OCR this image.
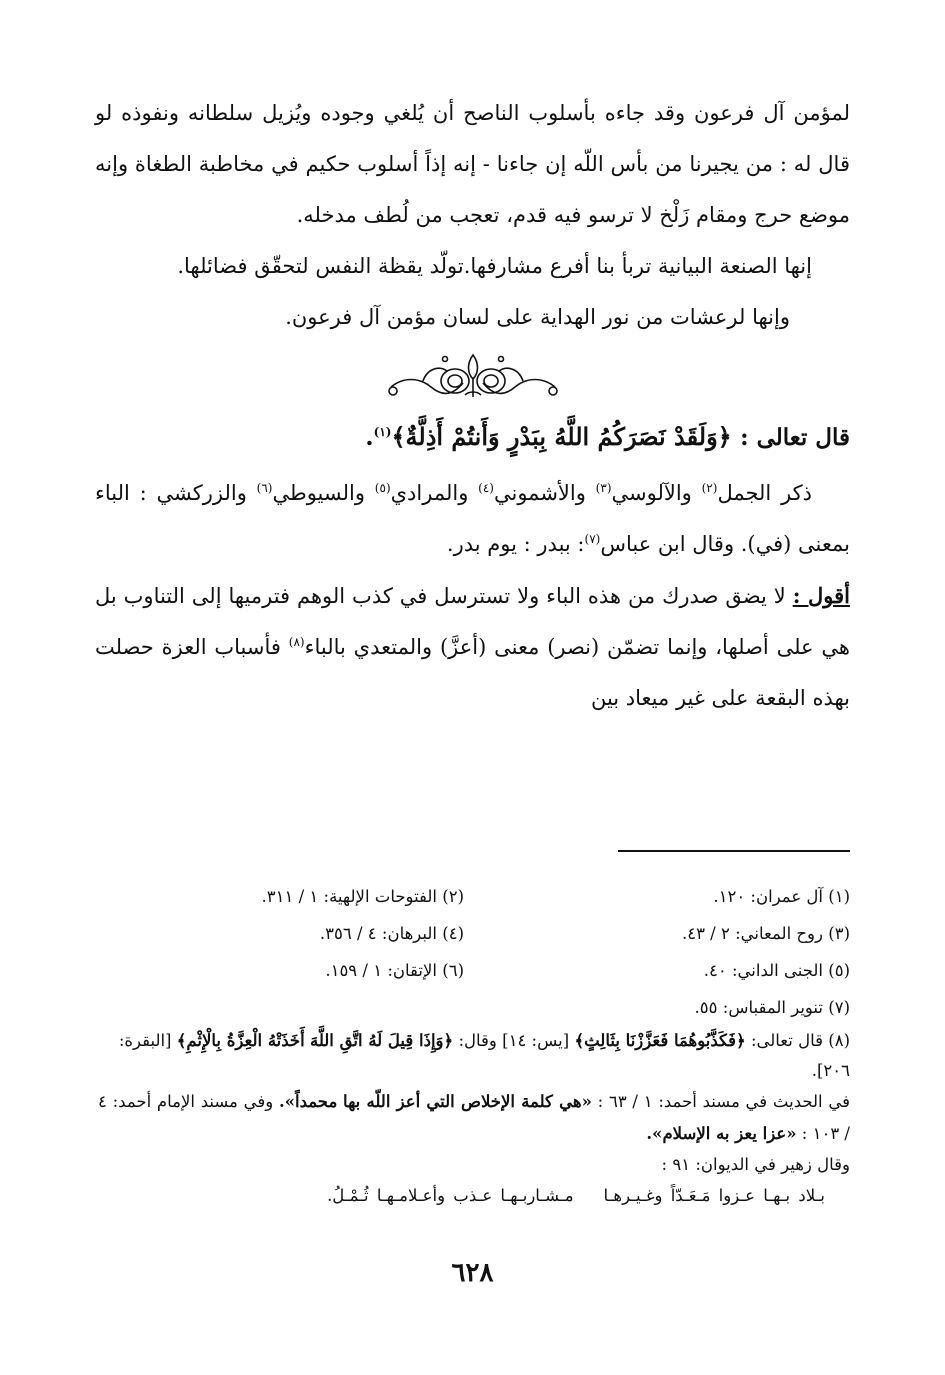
لمؤمن آل فرعون وقد جاءه بأسلوب الناصح أن يُلغي وجوده ويُزيل سلطانه ونفوذه لو قال له : من يجيرنا من بأس اللّه إن جاءنا - إنه إذاً أسلوب حكيم في مخاطبة الطغاة وإنه موضع حرج ومقام زَلْخ لا ترسو فيه قدم، تعجب من لُطف مدخله.

إنها الصنعة البيانية تربأ بنا أفرع مشارفها.تولّد يقظة النفس لتحقّق فضائلها.

وإنها لرعشات من نور الهداية على لسان مؤمن آل فرعون.

قال تعالى : ﴿وَلَقَدْ نَصَرَكُمُ اللَّهُ بِبَدْرٍ وَأَنتُمْ أَذِلَّةٌ﴾$^{(١)}$.

ذكر الجمل$^{(٢)}$ والآلوسي$^{(٣)}$ والأشموني$^{(٤)}$ والمرادي$^{(٥)}$ والسيوطي$^{(٦)}$ والزركشي : الباء بمعنى (في). وقال ابن عباس$^{(٧)}$: ببدر : يوم بدر.

أقول : لا يضق صدرك من هذه الباء ولا تسترسل في كذب الوهم فترميها إلى التناوب بل هي على أصلها، وإنما تضمّن (نصر) معنى (أعزَّ) والمتعدي بالباء$^{(٨)}$ فأسباب العزة حصلت بهذه البقعة على غير ميعاد بين

(١) آل عمران: ١٢٠.
(٢) الفتوحات الإلهية: ١ / ٣١١.
(٣) روح المعاني: ٢ / ٤٣.
(٤) البرهان: ٤ / ٣٥٦.
(٥) الجنى الداني: ٤٠.
(٦) الإتقان: ١ / ١٥٩.
(٧) تنوير المقباس: ٥٥.

(٨) قال تعالى: ﴿فَكَذَّبُوهُمَا فَعَزَّزْنَا بِثَالِثٍ﴾ [يس: ١٤] وقال: ﴿وَإِذَا قِيلَ لَهُ اتَّقِ اللَّهَ أَخَذَتْهُ الْعِزَّةُ بِالْإِثْمِ﴾ [البقرة: ٢٠٦].

في الحديث في مسند أحمد: ١ / ٦٣ : «هي كلمة الإخلاص التي أعز اللّه بها محمداً». وفي مسند الإمام أحمد: ٤ / ١٠٣ : «عزا يعز به الإسلام».

وقال زهير في الديوان: ٩١ :

بـلاد بـهـا عـزوا مَـعَـدّاً وغـيـرهـامـشـاربـهـا عـذب وأعـلامـهـا ثُـمْـلُ.

٦٢٨
